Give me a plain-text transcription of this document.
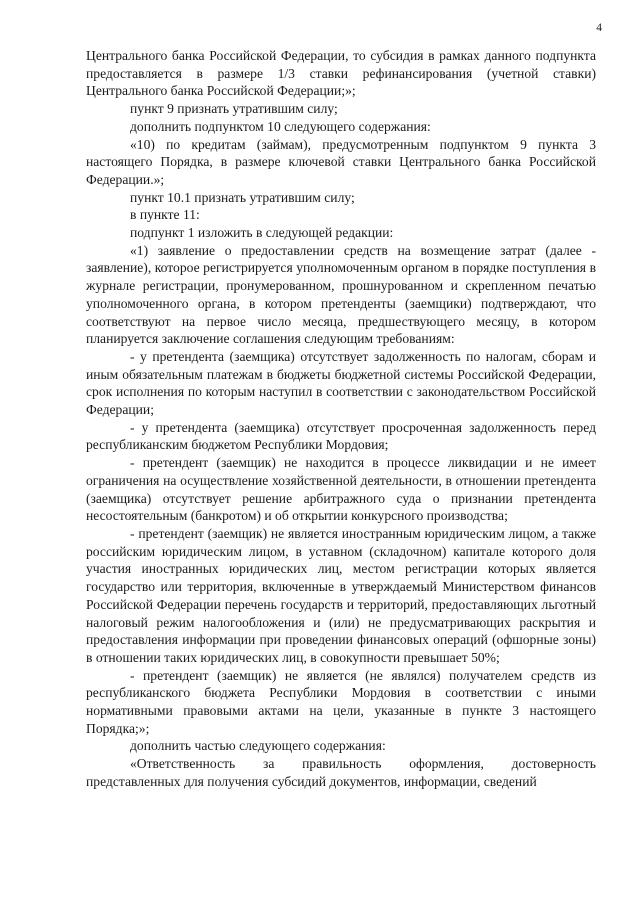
4

Центрального банка Российской Федерации, то субсидия в рамках данного подпункта предоставляется в размере 1/3 ставки рефинансирования (учетной ставки) Центрального банка Российской Федерации;»;

пункт 9 признать утратившим силу;

дополнить подпунктом 10 следующего содержания:

«10) по кредитам (займам), предусмотренным подпунктом 9 пункта 3 настоящего Порядка, в размере ключевой ставки Центрального банка Российской Федерации.»;

пункт 10.1 признать утратившим силу;

в пункте 11:

подпункт 1 изложить в следующей редакции:

«1) заявление о предоставлении средств на возмещение затрат (далее - заявление), которое регистрируется уполномоченным органом в порядке поступления в журнале регистрации, пронумерованном, прошнурованном и скрепленном печатью уполномоченного органа, в котором претенденты (заемщики) подтверждают, что соответствуют на первое число месяца, предшествующего месяцу, в котором планируется заключение соглашения следующим требованиям:

- у претендента (заемщика) отсутствует задолженность по налогам, сборам и иным обязательным платежам в бюджеты бюджетной системы Российской Федерации, срок исполнения по которым наступил в соответствии с законодательством Российской Федерации;

- у претендента (заемщика) отсутствует просроченная задолженность перед республиканским бюджетом Республики Мордовия;

- претендент (заемщик) не находится в процессе ликвидации и не имеет ограничения на осуществление хозяйственной деятельности, в отношении претендента (заемщика) отсутствует решение арбитражного суда о признании претендента несостоятельным (банкротом) и об открытии конкурсного производства;

- претендент (заемщик) не является иностранным юридическим лицом, а также российским юридическим лицом, в уставном (складочном) капитале которого доля участия иностранных юридических лиц, местом регистрации которых является государство или территория, включенные в утверждаемый Министерством финансов Российской Федерации перечень государств и территорий, предоставляющих льготный налоговый режим налогообложения и (или) не предусматривающих раскрытия и предоставления информации при проведении финансовых операций (офшорные зоны) в отношении таких юридических лиц, в совокупности превышает 50%;

- претендент (заемщик) не является (не являлся) получателем средств из республиканского бюджета Республики Мордовия в соответствии с иными нормативными правовыми актами на цели, указанные в пункте 3 настоящего Порядка;»;

дополнить частью следующего содержания:

«Ответственность за правильность оформления, достоверность представленных для получения субсидий документов, информации, сведений
